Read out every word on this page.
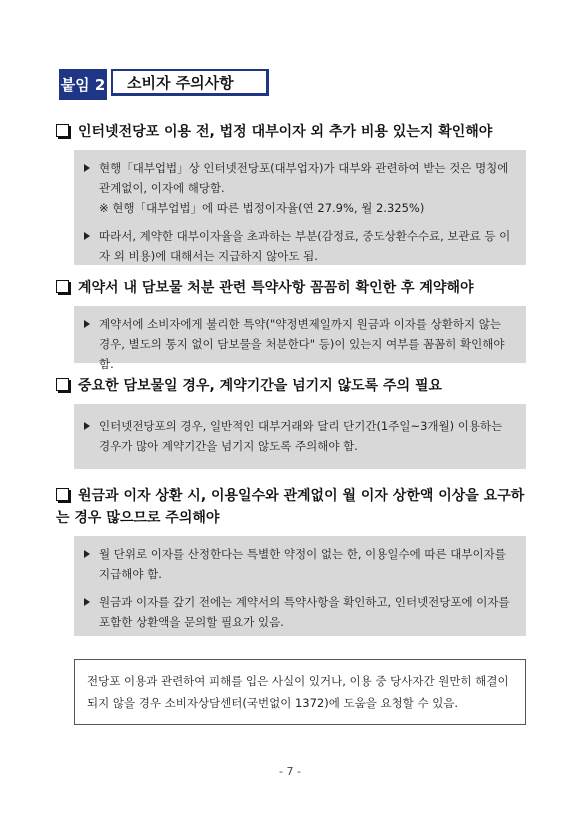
붙임 2	소비자 주의사항
인터넷전당포 이용 전, 법정 대부이자 외 추가 비용 있는지 확인해야
현행「대부업법」상 인터넷전당포(대부업자)가 대부와 관련하여 받는 것은 명칭에 관계없이, 이자에 해당함.
※ 현행「대부업법」에 따른 법정이자율(연 27.9%, 월 2.325%)
따라서, 계약한 대부이자율을 초과하는 부분(감정료, 중도상환수수료, 보관료 등 이자 외 비용)에 대해서는 지급하지 않아도 됨.
계약서 내 담보물 처분 관련 특약사항 꼼꼼히 확인한 후 계약해야
계약서에 소비자에게 불리한 특약("약정변제일까지 원금과 이자를 상환하지 않는 경우, 별도의 통지 없이 담보물을 처분한다" 등)이 있는지 여부를 꼼꼼히 확인해야 함.
중요한 담보물일 경우, 계약기간을 넘기지 않도록 주의 필요
인터넷전당포의 경우, 일반적인 대부거래와 달리 단기간(1주일~3개월) 이용하는 경우가 많아 계약기간을 넘기지 않도록 주의해야 함.
원금과 이자 상환 시, 이용일수와 관계없이 월 이자 상한액 이상을 요구하는 경우 많으므로 주의해야
월 단위로 이자를 산정한다는 특별한 약정이 없는 한, 이용일수에 따른 대부이자를 지급해야 함.
원금과 이자를 갚기 전에는 계약서의 특약사항을 확인하고, 인터넷전당포에 이자를 포함한 상환액을 문의할 필요가 있음.
전당포 이용과 관련하여 피해를 입은 사실이 있거나, 이용 중 당사자간 원만히 해결이 되지 않을 경우 소비자상담센터(국번없이 1372)에 도움을 요청할 수 있음.
- 7 -
